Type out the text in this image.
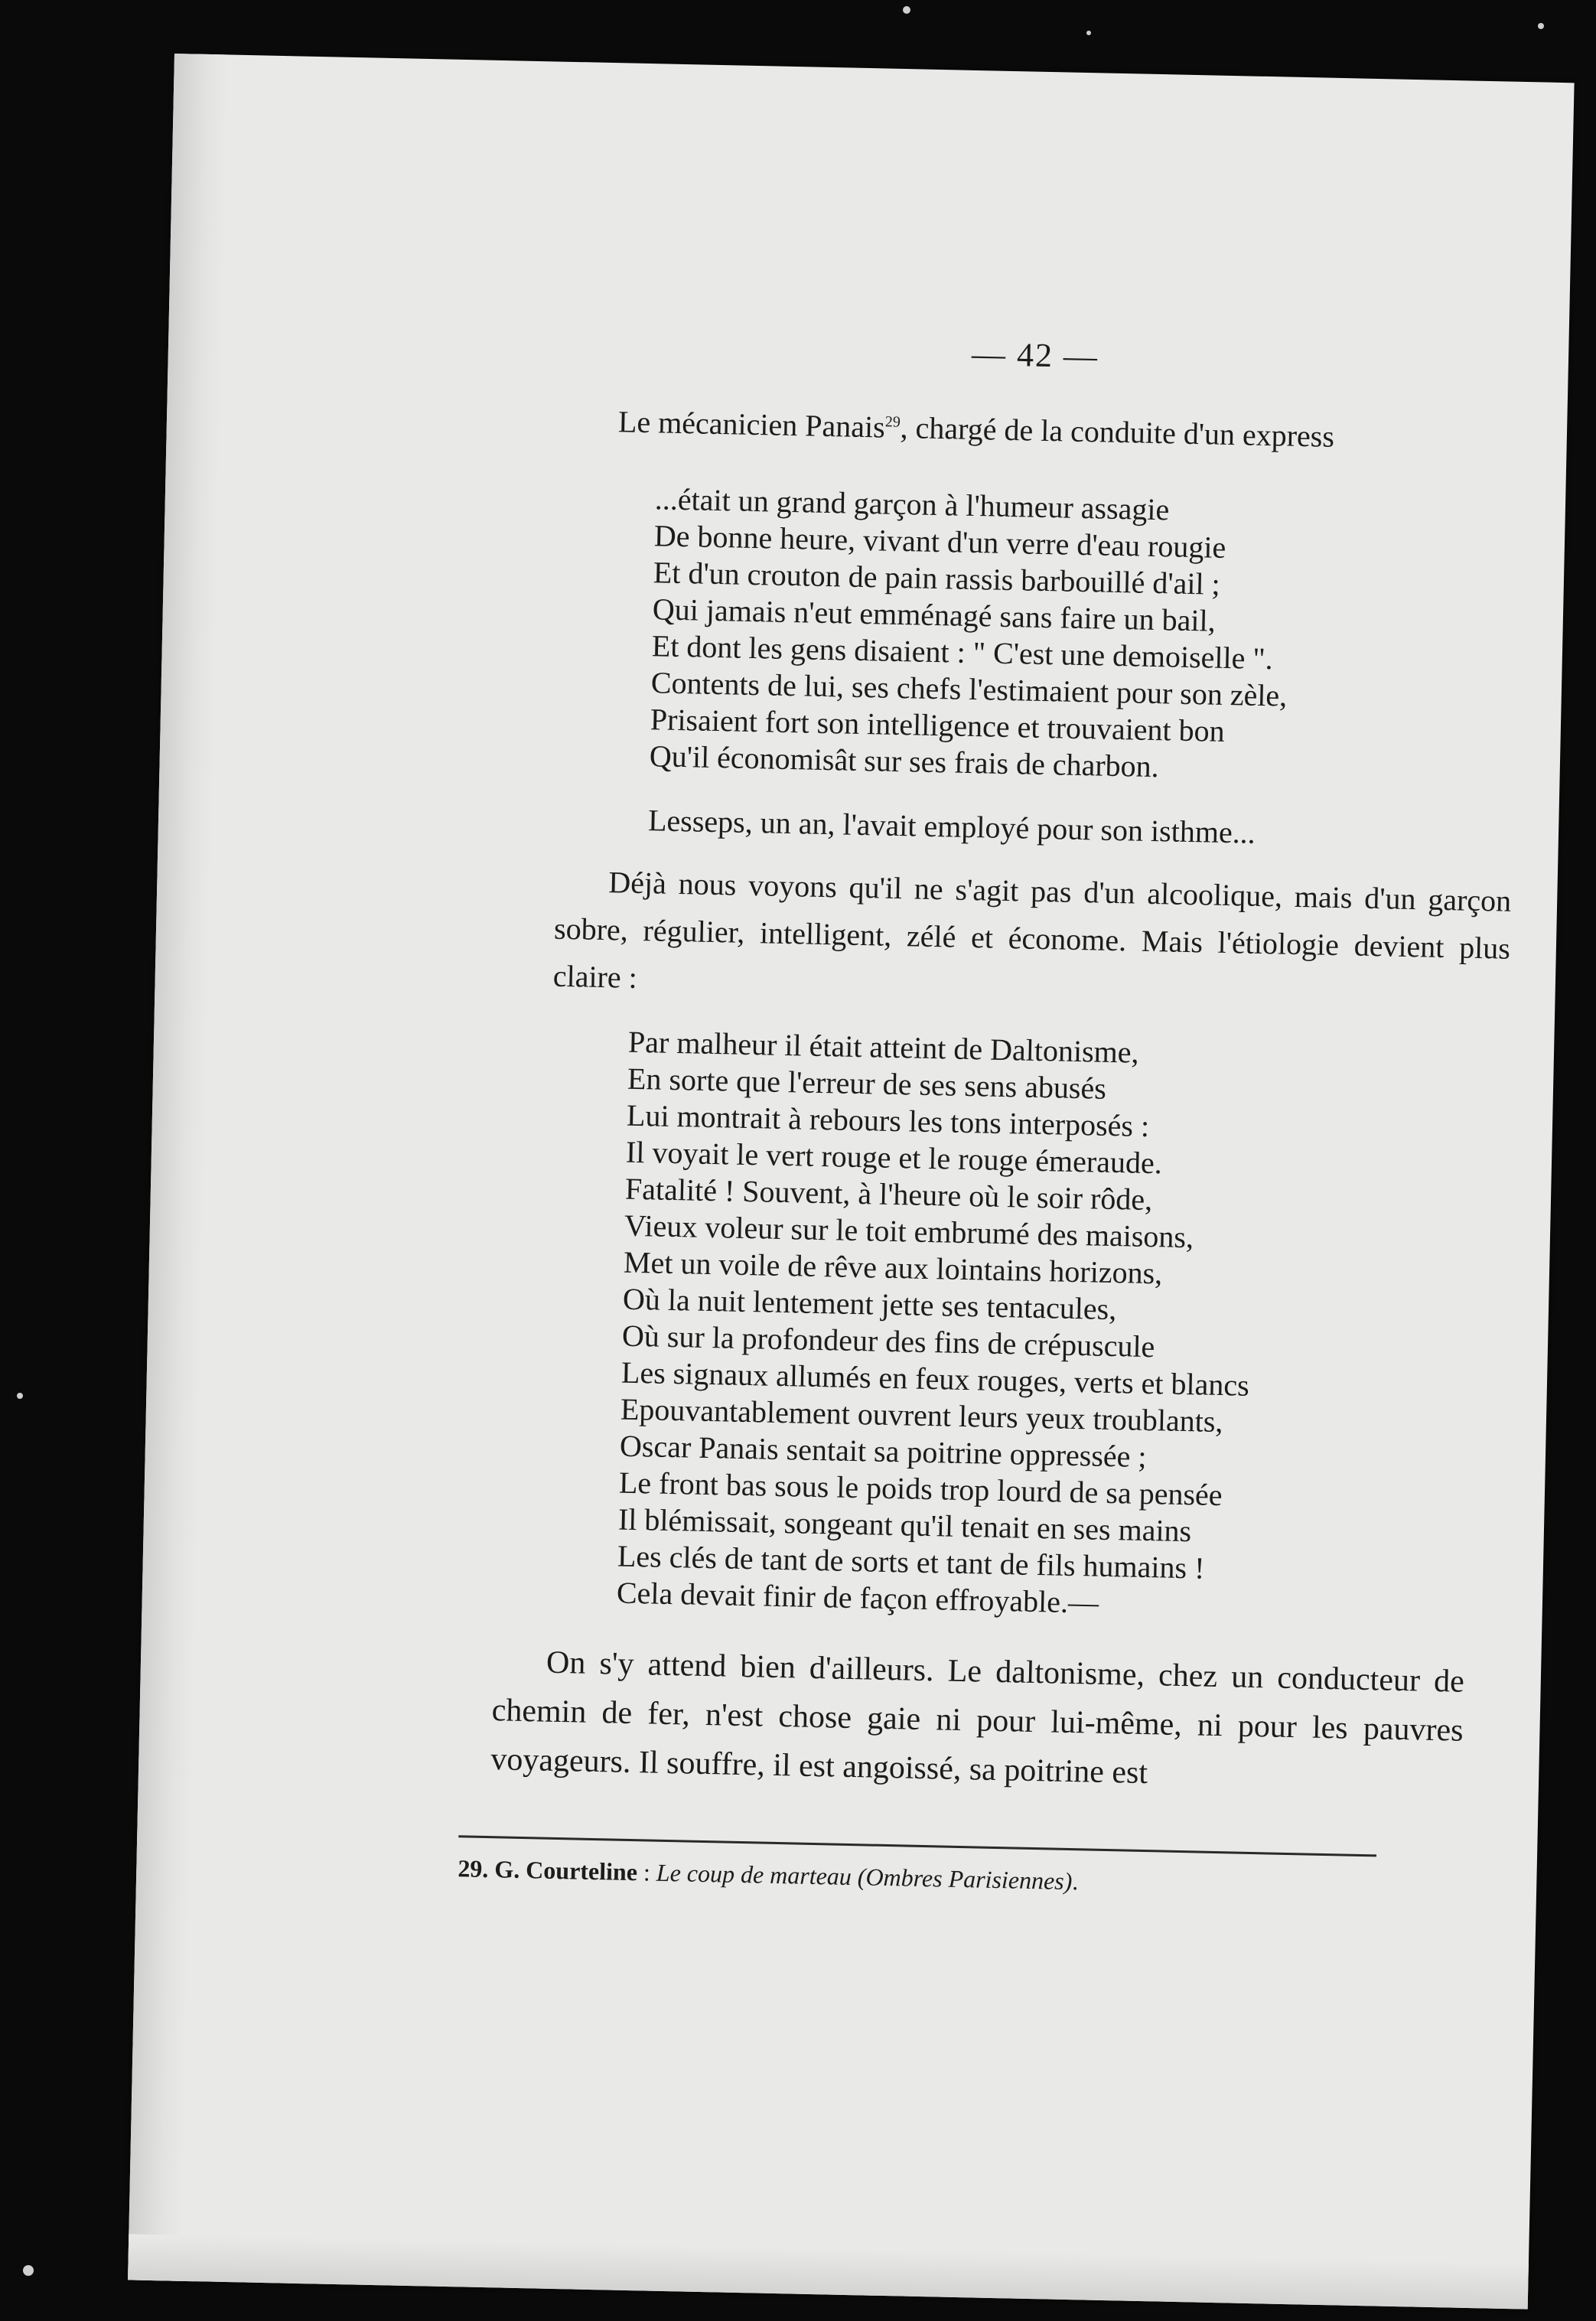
— 42 —

Le mécanicien Panais$^{29}$, chargé de la conduite d'un express

...était un grand garçon à l'humeur assagie
De bonne heure, vivant d'un verre d'eau rougie
Et d'un crouton de pain rassis barbouillé d'ail ;
Qui jamais n'eut emménagé sans faire un bail,
Et dont les gens disaient : " C'est une demoiselle ".
Contents de lui, ses chefs l'estimaient pour son zèle,
Prisaient fort son intelligence et trouvaient bon
Qu'il économisât sur ses frais de charbon.

Lesseps, un an, l'avait employé pour son isthme...

Déjà nous voyons qu'il ne s'agit pas d'un alcoolique, mais d'un garçon sobre, régulier, intelligent, zélé et économe. Mais l'étiologie devient plus claire :

Par malheur il était atteint de Daltonisme,
En sorte que l'erreur de ses sens abusés
Lui montrait à rebours les tons interposés :
Il voyait le vert rouge et le rouge émeraude.
Fatalité ! Souvent, à l'heure où le soir rôde,
Vieux voleur sur le toit embrumé des maisons,
Met un voile de rêve aux lointains horizons,
Où la nuit lentement jette ses tentacules,
Où sur la profondeur des fins de crépuscule
Les signaux allumés en feux rouges, verts et blancs
Epouvantablement ouvrent leurs yeux troublants,
Oscar Panais sentait sa poitrine oppressée ;
Le front bas sous le poids trop lourd de sa pensée
Il blémissait, songeant qu'il tenait en ses mains
Les clés de tant de sorts et tant de fils humains !
Cela devait finir de façon effroyable.—

On s'y attend bien d'ailleurs. Le daltonisme, chez un conducteur de chemin de fer, n'est chose gaie ni pour lui-même, ni pour les pauvres voyageurs. Il souffre, il est angoissé, sa poitrine est

29. G. Courteline : Le coup de marteau (Ombres Parisiennes).
